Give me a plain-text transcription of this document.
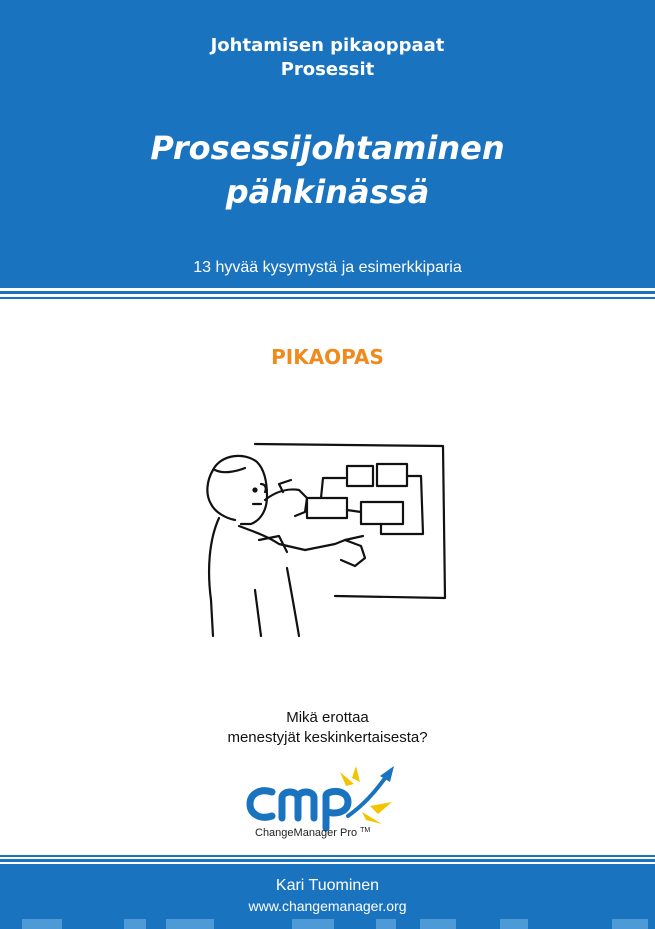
Johtamisen pikaoppaat
Prosessit
Prosessijohtaminen
pähkinässä
13 hyvää kysymystä ja esimerkkiparia
PIKAOPAS
Mikä erottaa
menestyjät keskinkertaisesta?
ChangeManager Pro ™
Kari Tuominen
www.changemanager.org
